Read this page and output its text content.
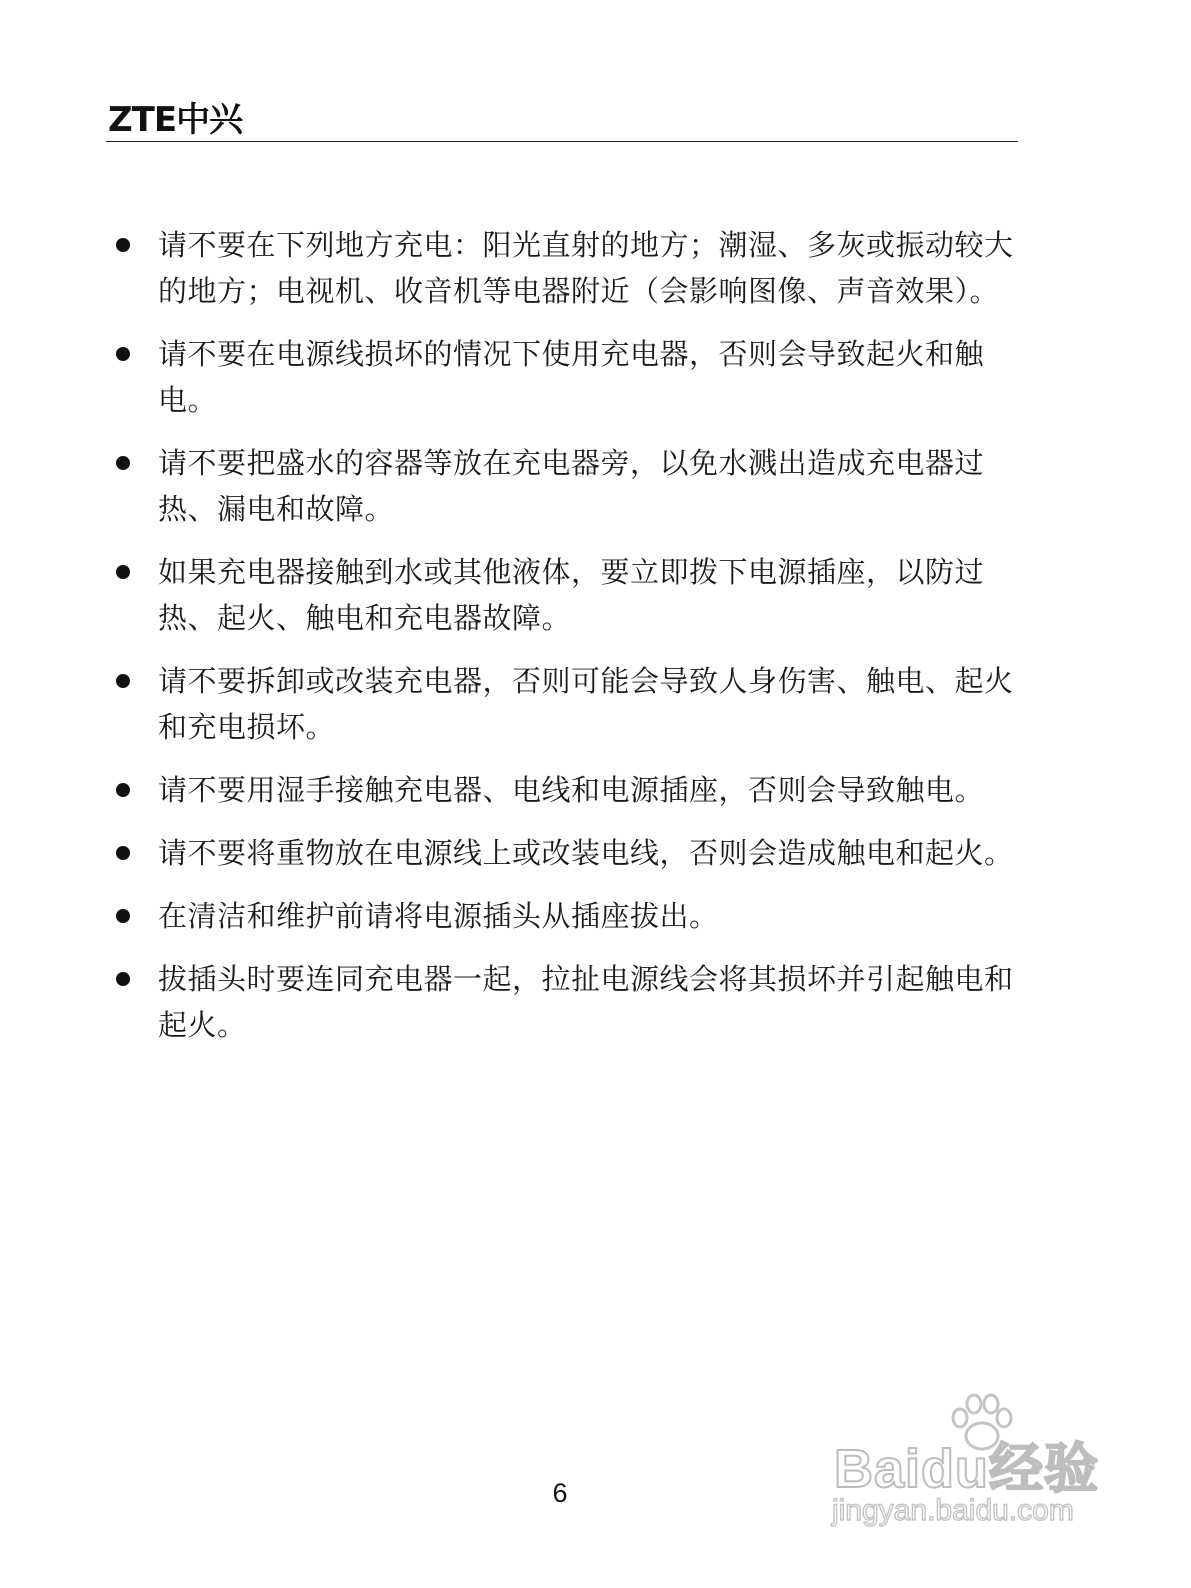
ZTE中兴
请不要在下列地方充电：阳光直射的地方；潮湿、多灰或振动较大的地方；电视机、收音机等电器附近（会影响图像、声音效果）。
请不要在电源线损坏的情况下使用充电器，否则会导致起火和触电。
请不要把盛水的容器等放在充电器旁，以免水溅出造成充电器过热、漏电和故障。
如果充电器接触到水或其他液体，要立即拨下电源插座，以防过热、起火、触电和充电器故障。
请不要拆卸或改装充电器，否则可能会导致人身伤害、触电、起火和充电损坏。
请不要用湿手接触充电器、电线和电源插座，否则会导致触电。
请不要将重物放在电源线上或改装电线，否则会造成触电和起火。
在清洁和维护前请将电源插头从插座拔出。
拔插头时要连同充电器一起，拉扯电源线会将其损坏并引起触电和起火。
6	Baidu经验
jingyan.baidu.com
